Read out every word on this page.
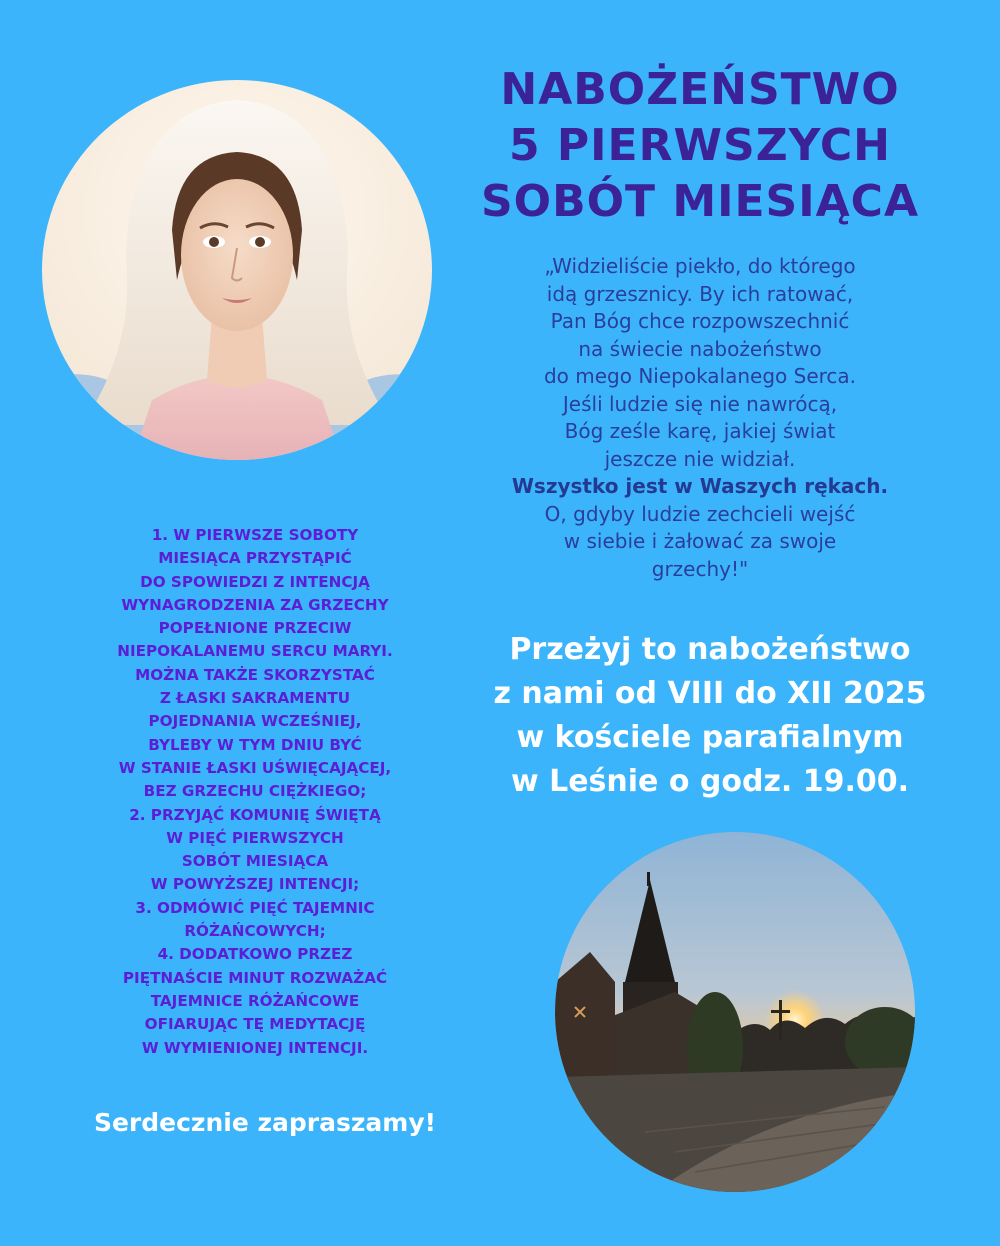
NABOŻEŃSTWO
5 PIERWSZYCH
SOBÓT MIESIĄCA
„Widzieliście piekło, do którego
idą grzesznicy. By ich ratować,
Pan Bóg chce rozpowszechnić
na świecie nabożeństwo
do mego Niepokalanego Serca.
Jeśli ludzie się nie nawrócą,
Bóg ześle karę, jakiej świat
jeszcze nie widział.
Wszystko jest w Waszych rękach.
O, gdyby ludzie zechcieli wejść
w siebie i żałować za swoje
grzechy!"
1. W PIERWSZE SOBOTY
MIESIĄCA PRZYSTĄPIĆ
DO SPOWIEDZI Z INTENCJĄ
WYNAGRODZENIA ZA GRZECHY
POPEŁNIONE PRZECIW
NIEPOKALANEMU SERCU MARYI.
MOŻNA TAKŻE SKORZYSTAĆ
Z ŁASKI SAKRAMENTU
POJEDNANIA WCZEŚNIEJ,
BYLEBY W TYM DNIU BYĆ
W STANIE ŁASKI UŚWIĘCAJĄCEJ,
BEZ GRZECHU CIĘŻKIEGO;
2. PRZYJĄĆ KOMUNIĘ ŚWIĘTĄ
W PIĘĆ PIERWSZYCH
SOBÓT MIESIĄCA
W POWYŻSZEJ INTENCJI;
3. ODMÓWIĆ PIĘĆ TAJEMNIC
RÓŻAŃCOWYCH;
4. DODATKOWO PRZEZ
PIĘTNAŚCIE MINUT ROZWAŻAĆ
TAJEMNICE RÓŻAŃCOWE
OFIARUJĄC TĘ MEDYTACJĘ
W WYMIENIONEJ INTENCJI.
Przeżyj to nabożeństwo
z nami od VIII do XII 2025
w kościele parafialnym
w Leśnie o godz. 19.00.
Serdecznie zapraszamy!
